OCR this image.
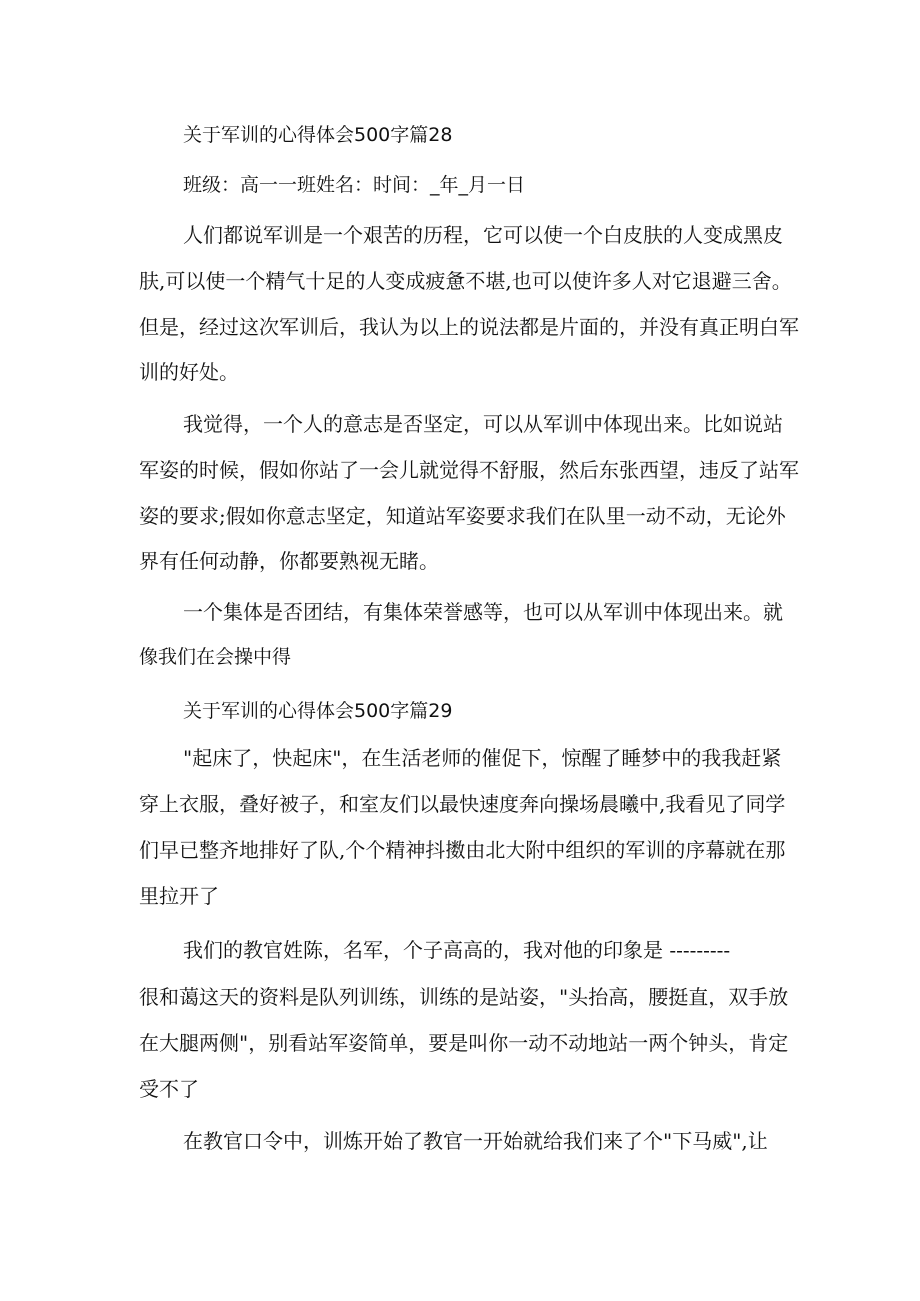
关于军训的心得体会500字篇28
班级：高一一班姓名：时间：_年_月一日
人们都说军训是一个艰苦的历程，它可以使一个白皮肤的人变成黑皮
肤,可以使一个精气十足的人变成疲惫不堪,也可以使许多人对它退避三舍。
但是，经过这次军训后，我认为以上的说法都是片面的，并没有真正明白军
训的好处。
我觉得，一个人的意志是否坚定，可以从军训中体现出来。比如说站
军姿的时候，假如你站了一会儿就觉得不舒服，然后东张西望，违反了站军
姿的要求;假如你意志坚定，知道站军姿要求我们在队里一动不动，无论外
界有任何动静，你都要熟视无睹。
一个集体是否团结，有集体荣誉感等，也可以从军训中体现出来。就
像我们在会操中得
关于军训的心得体会500字篇29
"起床了，快起床"，在生活老师的催促下，惊醒了睡梦中的我我赶紧
穿上衣服，叠好被子，和室友们以最快速度奔向操场晨曦中,我看见了同学
们早已整齐地排好了队,个个精神抖擞由北大附中组织的军训的序幕就在那
里拉开了
我们的教官姓陈，名军，个子高高的，我对他的印象是 ---------
很和蔼这天的资料是队列训练，训练的是站姿，"头抬高，腰挺直，双手放
在大腿两侧"，别看站军姿简单，要是叫你一动不动地站一两个钟头，肯定
受不了
在教官口令中，训炼开始了教官一开始就给我们来了个"下马威",让
